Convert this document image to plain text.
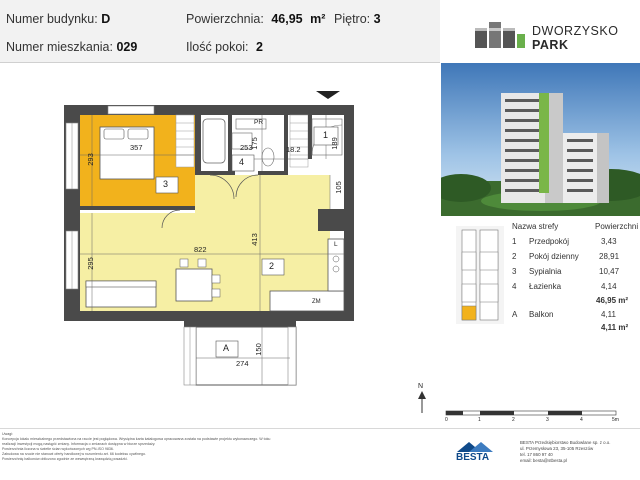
Numer budynku: D
Numer mieszkania: 029
Powierzchnia: 46,95 m²
Ilość pokoi: 2
Piętro: 3
DWORZYSKO
PARK
357
293
253
175	18.2	189
105
822
413
295
274
150
3
4
1
2
A
PR
L
ZM
N
Nazwa strefy	Powierzchni
1 Przedpokój	3,43
2 Pokój dzienny	28,91
3 Sypialnia	10,47
4 Łazienka	4,14
46,95 m²
A Balkon	4,11
4,11 m²
0	1	2	3	4	5m
Uwagi:
Koncepcja lokalu mieszkalnego przedstawiona na rzucie jest poglądowa. Wrysiętna karta katalogowa opracowana została na podstawie projektu wykonawczego. W toku
realizacji inwestycji mogą nastąpić zmiany. Informacja o zmianach dostępna w biurze sprzedaży.
Powierzchnia liczona w świetle ścian wykończonych wg PN-ISO 9836.
Zabudowa na rzucie nie stanowi oferty handlowej w rozumieniu art. 66 kodeksu cywilnego.
Powierzchnię balkonów obliczono zgodnie ze wewnętrzną krawędzią posadzki.	BESTA
BESTA Przedsiębiorstwo Budowlane sp. z o.o.
ul. Przemysłowa 23, 35-105 Rzeszów
tel. 17 860 97 40
email: besta@stbesta.pl
